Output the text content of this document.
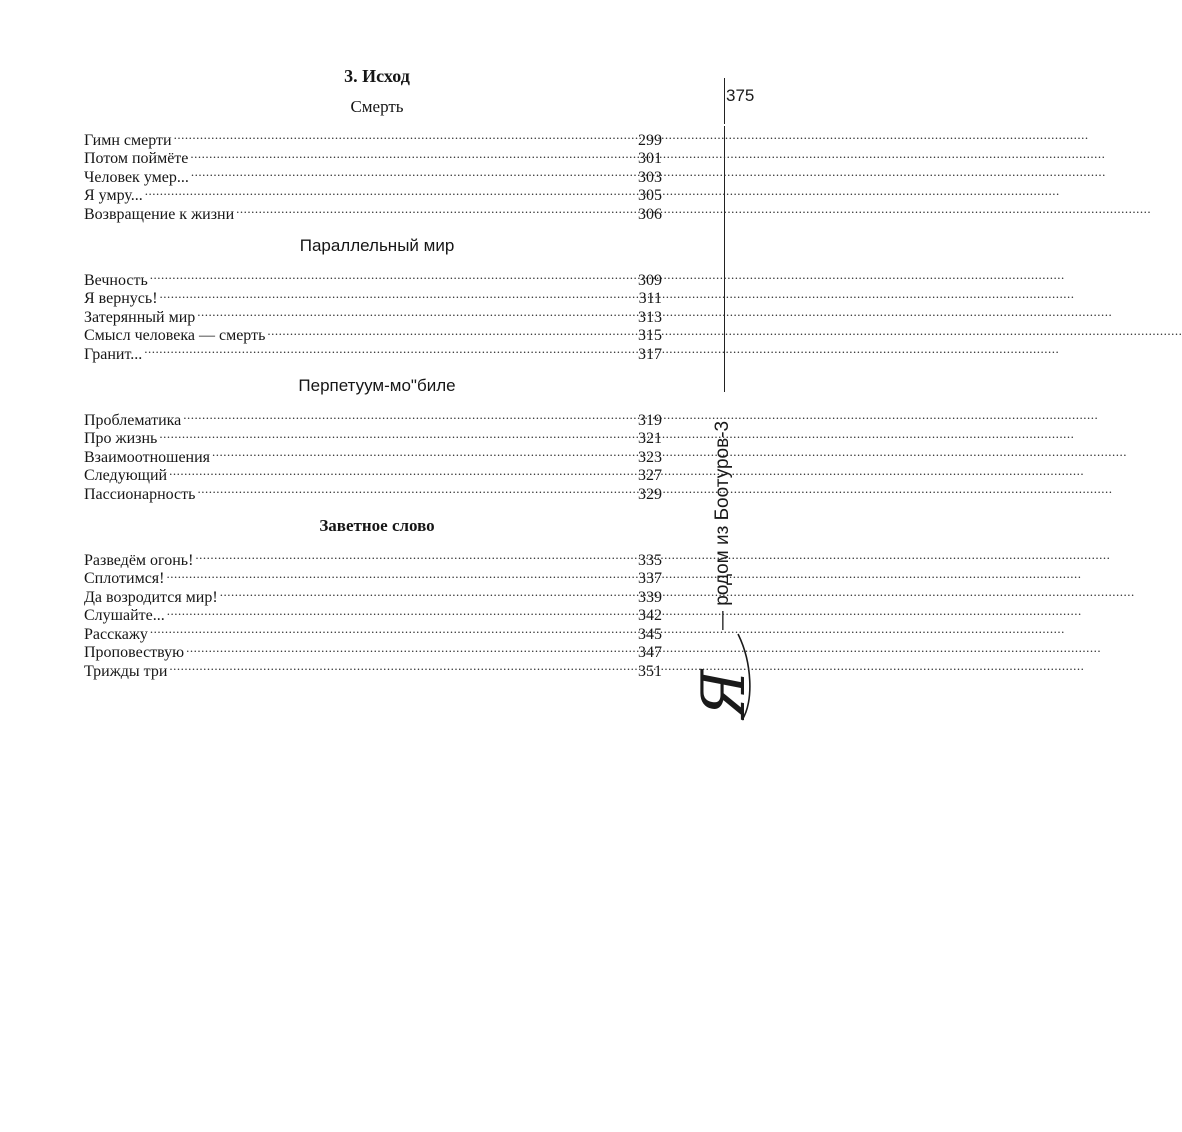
375
Я
— родом из Боотуров-3
3. Исход
Смерть
Гимн смерти .....	299
Потом поймёте .....	301
Человек умер... .....	303
Я умру... .....	305
Возвращение к жизни .....	306
Параллельный мир
Вечность .....	309
Я вернусь! .....	311
Затерянный мир .....	313
Смысл человека — смерть .....	315
Гранит... .....	317
Перпетуум-мо"биле
Проблематика .....	319
Про жизнь .....	321
Взаимоотношения .....	323
Следующий .....	327
Пассионарность .....	329
Заветное слово
Разведём огонь! .....	335
Сплотимся! .....	337
Да возродится мир! .....	339
Слушайте... .....	342
Расскажу .....	345
Проповествую .....	347
Трижды три .....	351
